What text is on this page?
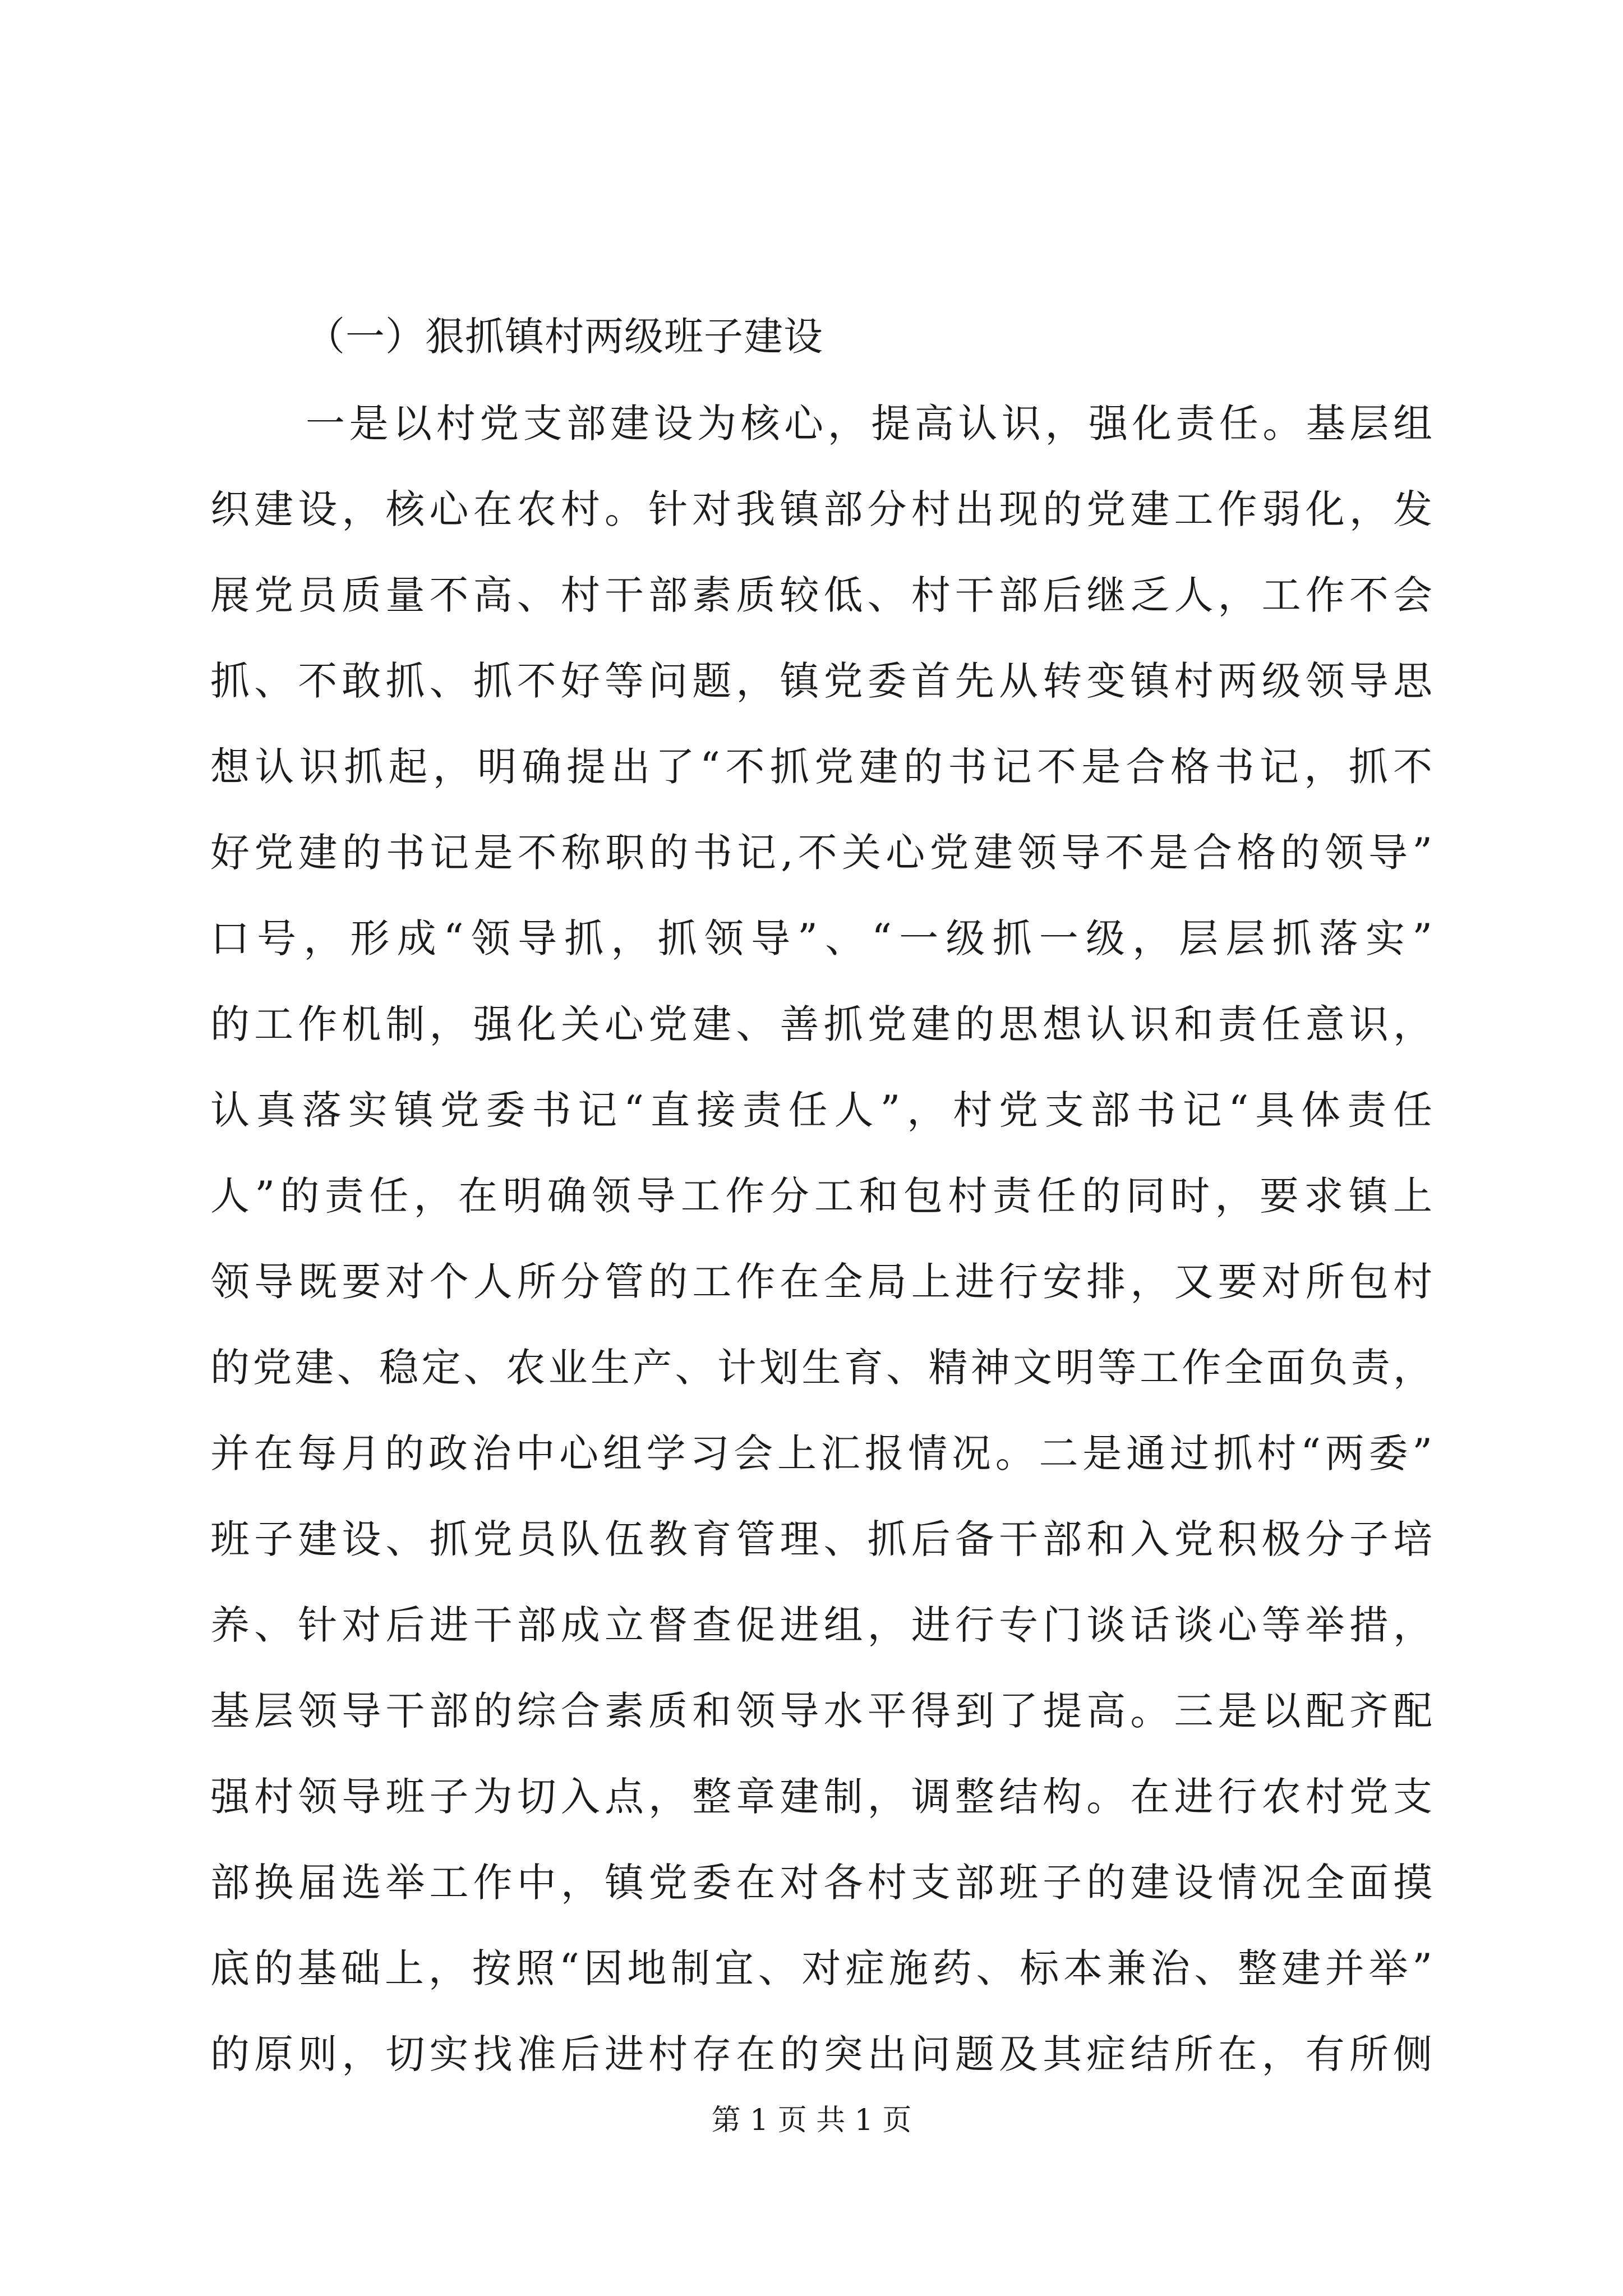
（一）狠抓镇村两级班子建设
一是以村党支部建设为核心，提高认识，强化责任。基层组
织建设，核心在农村。针对我镇部分村出现的党建工作弱化，发
展党员质量不高、村干部素质较低、村干部后继乏人，工作不会
抓、不敢抓、抓不好等问题，镇党委首先从转变镇村两级领导思
想认识抓起，明确提出了“不抓党建的书记不是合格书记，抓不
好党建的书记是不称职的书记,不关心党建领导不是合格的领导”
口号，形成“领导抓，抓领导”、“一级抓一级，层层抓落实”
的工作机制，强化关心党建、善抓党建的思想认识和责任意识，
认真落实镇党委书记“直接责任人”，村党支部书记“具体责任
人”的责任，在明确领导工作分工和包村责任的同时，要求镇上
领导既要对个人所分管的工作在全局上进行安排，又要对所包村
的党建、稳定、农业生产、计划生育、精神文明等工作全面负责，
并在每月的政治中心组学习会上汇报情况。二是通过抓村“两委”
班子建设、抓党员队伍教育管理、抓后备干部和入党积极分子培
养、针对后进干部成立督查促进组，进行专门谈话谈心等举措，
基层领导干部的综合素质和领导水平得到了提高。三是以配齐配
强村领导班子为切入点，整章建制，调整结构。在进行农村党支
部换届选举工作中，镇党委在对各村支部班子的建设情况全面摸
底的基础上，按照“因地制宜、对症施药、标本兼治、整建并举”
的原则，切实找准后进村存在的突出问题及其症结所在，有所侧
第 1 页 共 1 页
